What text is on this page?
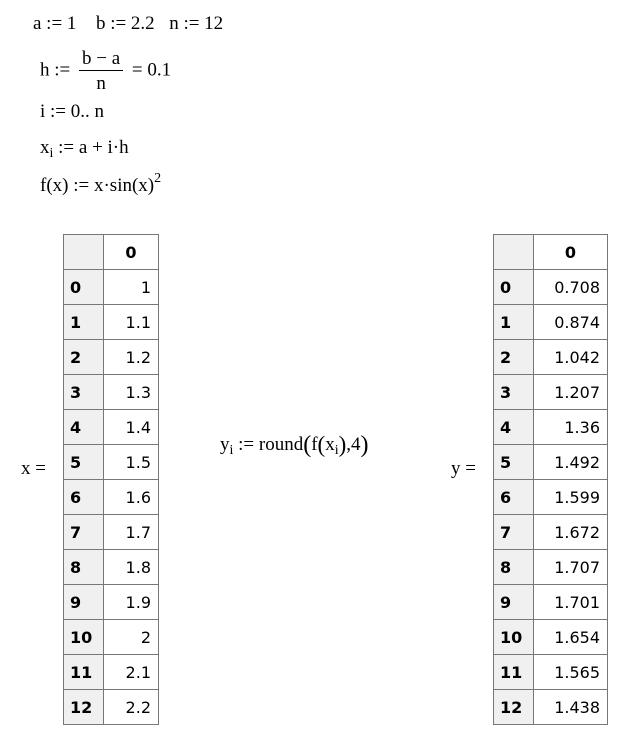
a := 1 b := 2.2 n := 12
h := $\frac{b - a}{n} = 0.1$
i := 0.. n
$x_i$ := a + i·h
f(x) := $x\cdot\sin(x)^2$
x =
	0
0	1
1	1.1
2	1.2
3	1.3
4	1.4
5	1.5
6	1.6
7	1.7
8	1.8
9	1.9
10	2
11	2.1
12	2.2
$y_i$ := $round(f(x_i),4)$
y =
	0
0	0.708
1	0.874
2	1.042
3	1.207
4	1.36
5	1.492
6	1.599
7	1.672
8	1.707
9	1.701
10	1.654
11	1.565
12	1.438
